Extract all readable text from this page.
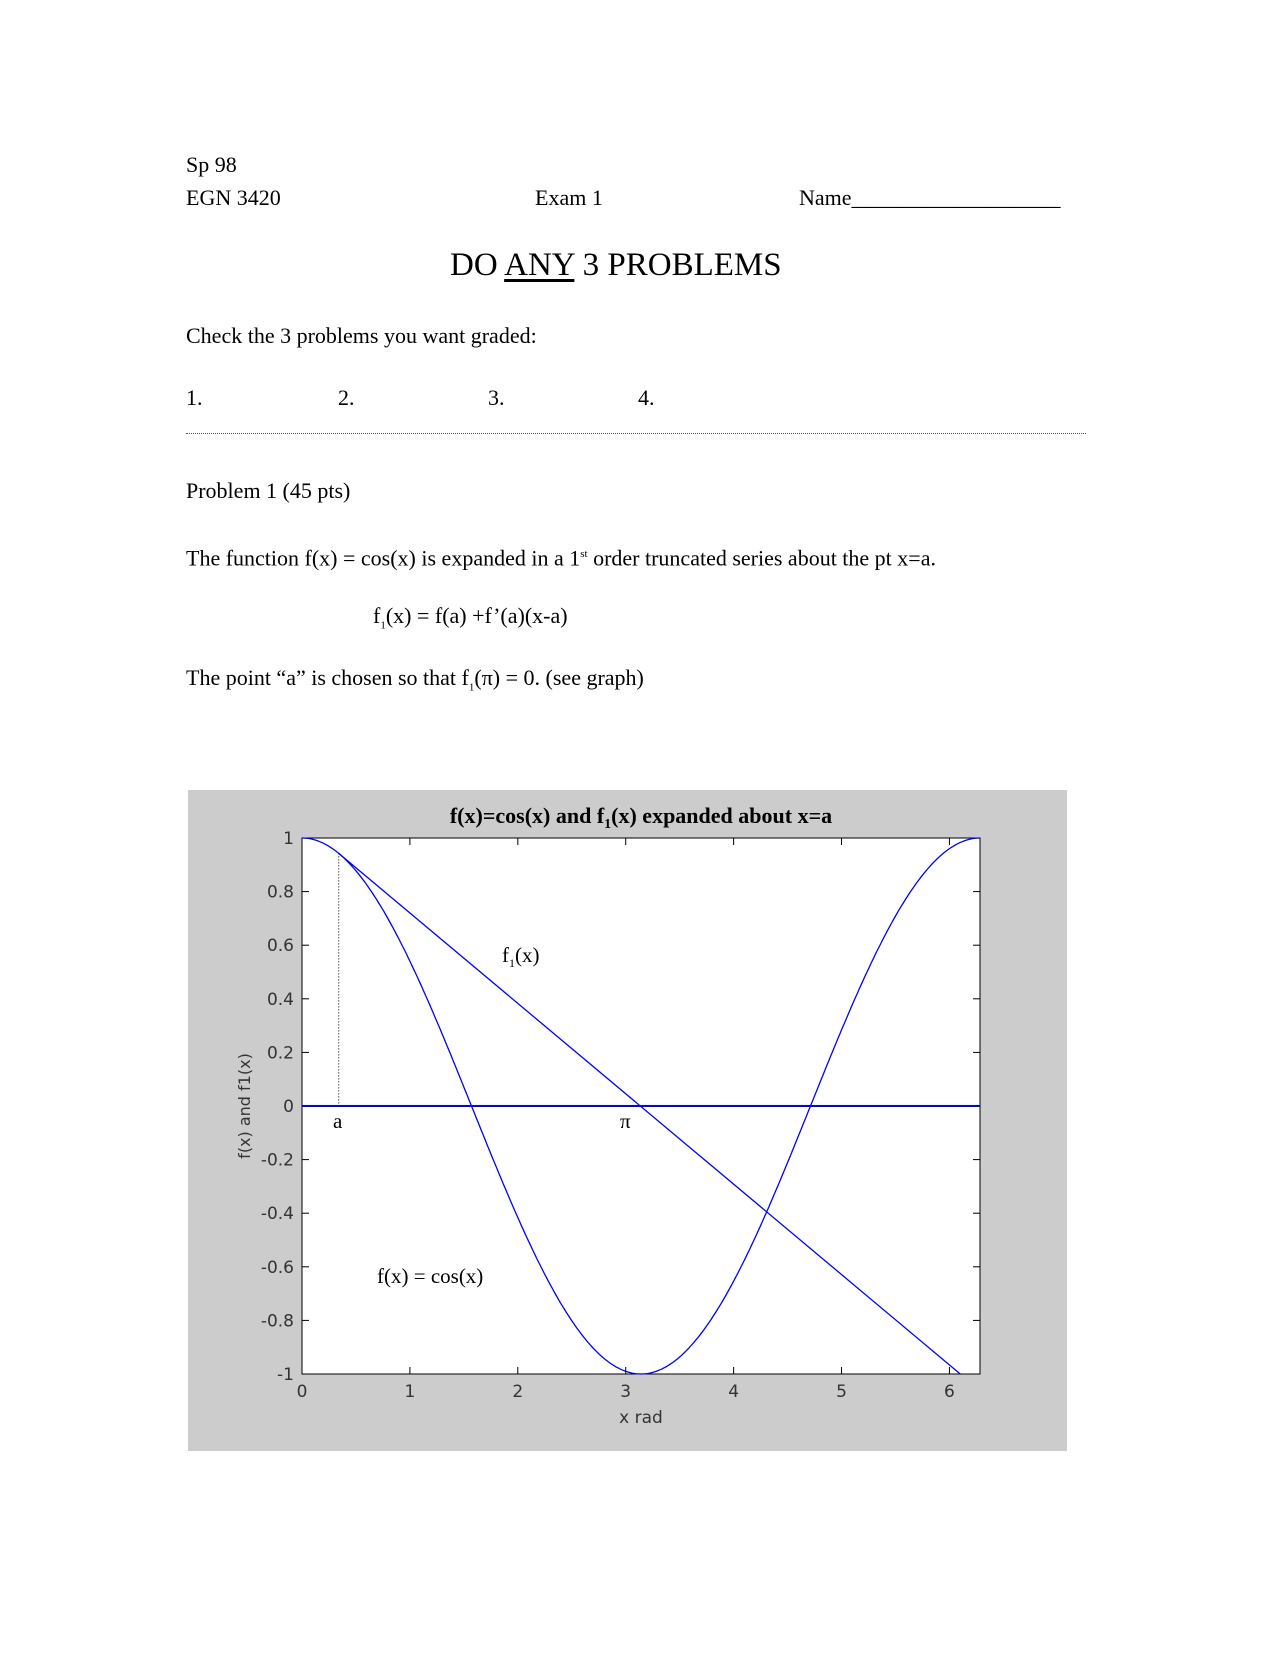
Sp 98
EGN 3420	Exam 1	Name___________________
DO ANY 3 PROBLEMS
Check the 3 problems you want graded:
1.	2.	3.	4.
Problem 1 (45 pts)
The function f(x) = cos(x) is expanded in a 1st order truncated series about the pt x=a.
$f_1(x) = f(a)$ +f’(a)(x-a)
The point “a” is chosen so that $f_1(\pi) = 0$. (see graph)
0	1	2	3	4	5	6
1
0.8
0.6
0.4
0.2
0
-0.2
-0.4
-0.6
-0.8
-1
f(x)=cos(x) and $f_1(x)$ expanded about x=a
x rad
f(x) and f1(x)
$f_1(x)$
f(x) = cos(x)
a	π
